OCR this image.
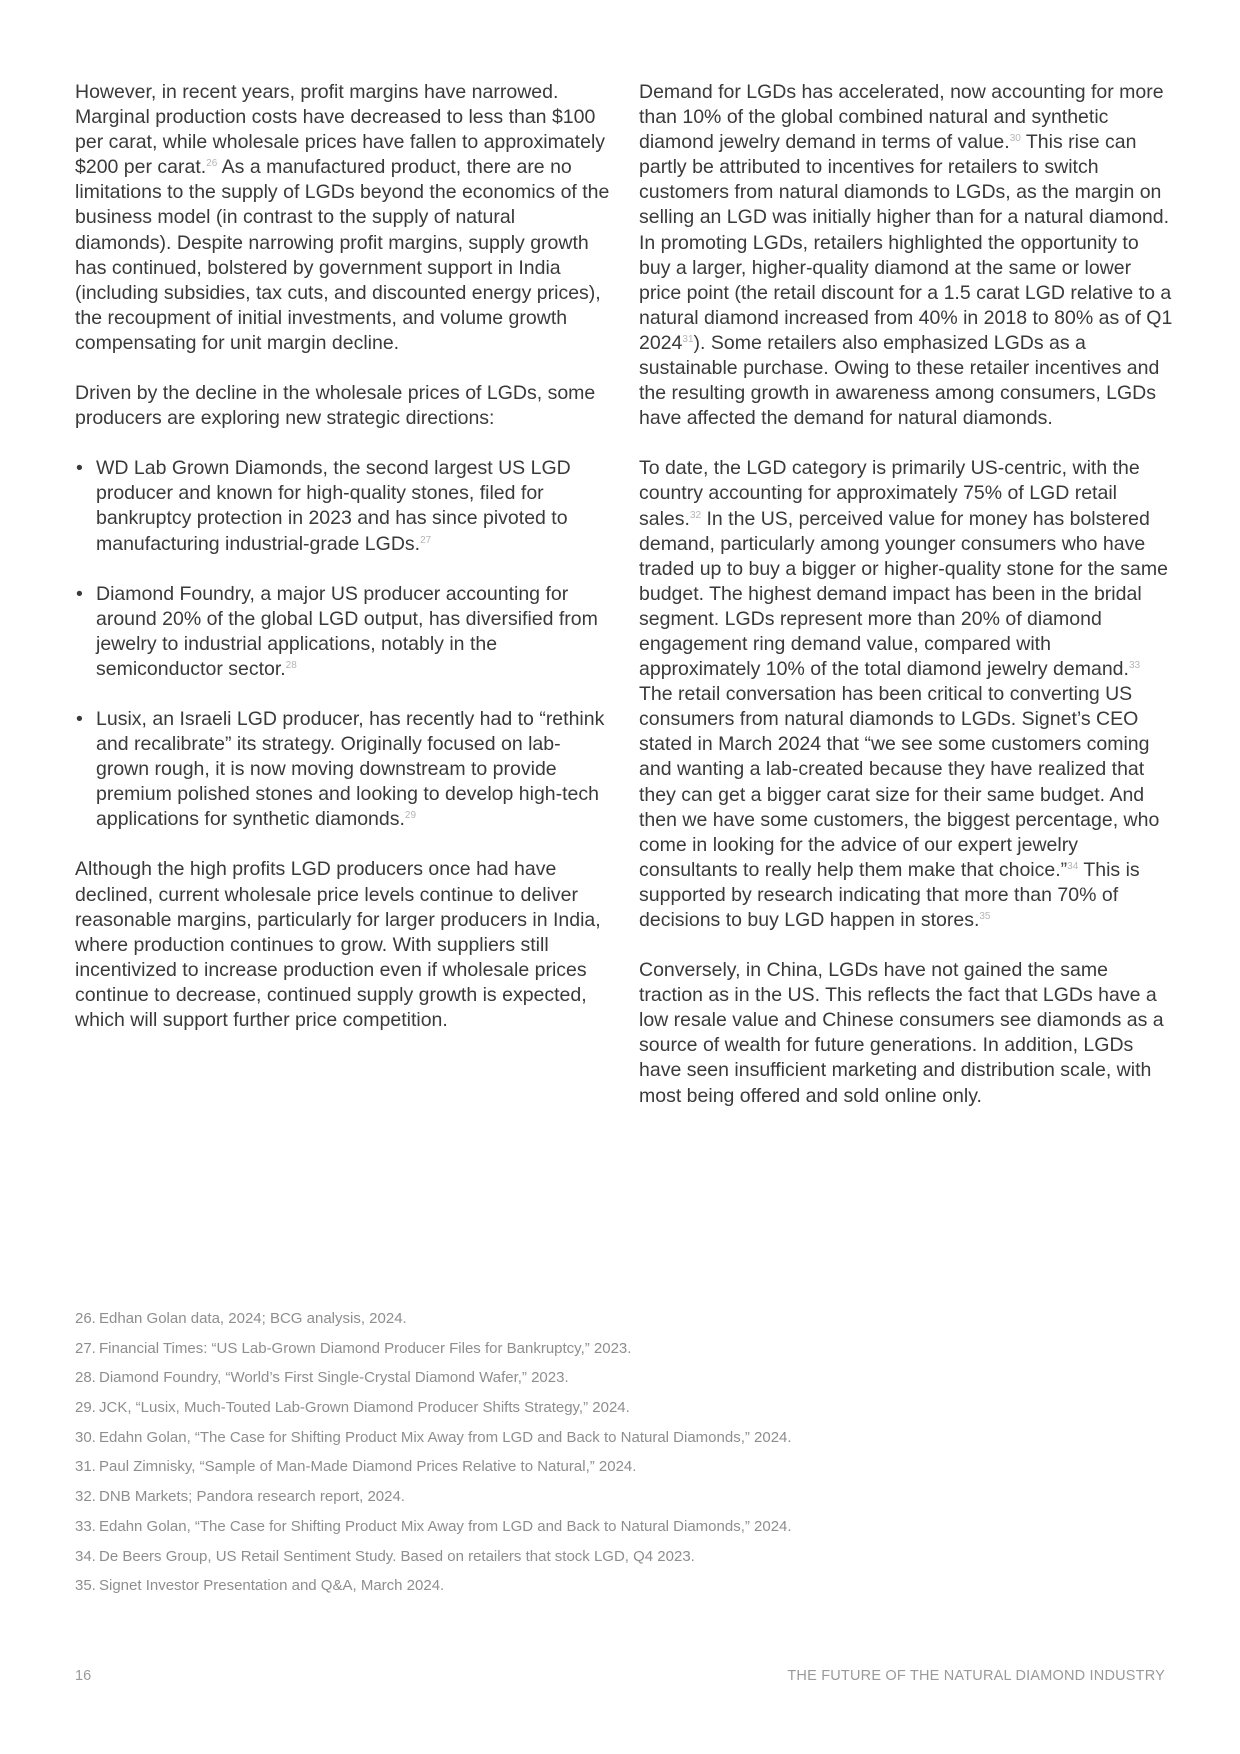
However, in recent years, profit margins have narrowed. Marginal production costs have decreased to less than $100 per carat, while wholesale prices have fallen to approximately $200 per carat.$^{26}$ As a manufactured product, there are no limitations to the supply of LGDs beyond the economics of the business model (in contrast to the supply of natural diamonds). Despite narrowing profit margins, supply growth has continued, bolstered by government support in India (including subsidies, tax cuts, and discounted energy prices), the recoupment of initial investments, and volume growth compensating for unit margin decline.

Driven by the decline in the wholesale prices of LGDs, some producers are exploring new strategic directions:

• WD Lab Grown Diamonds, the second largest US LGD producer and known for high-quality stones, filed for bankruptcy protection in 2023 and has since pivoted to manufacturing industrial-grade LGDs.$^{27}$
• Diamond Foundry, a major US producer accounting for around 20% of the global LGD output, has diversified from jewelry to industrial applications, notably in the semiconductor sector.$^{28}$
• Lusix, an Israeli LGD producer, has recently had to “rethink and recalibrate” its strategy. Originally focused on lab-grown rough, it is now moving downstream to provide premium polished stones and looking to develop high-tech applications for synthetic diamonds.$^{29}$

Although the high profits LGD producers once had have declined, current wholesale price levels continue to deliver reasonable margins, particularly for larger producers in India, where production continues to grow. With suppliers still incentivized to increase production even if wholesale prices continue to decrease, continued supply growth is expected, which will support further price competition.

Demand for LGDs has accelerated, now accounting for more than 10% of the global combined natural and synthetic diamond jewelry demand in terms of value.$^{30}$ This rise can partly be attributed to incentives for retailers to switch customers from natural diamonds to LGDs, as the margin on selling an LGD was initially higher than for a natural diamond. In promoting LGDs, retailers highlighted the opportunity to buy a larger, higher-quality diamond at the same or lower price point (the retail discount for a 1.5 carat LGD relative to a natural diamond increased from 40% in 2018 to 80% as of Q1 2024$^{31}$). Some retailers also emphasized LGDs as a sustainable purchase. Owing to these retailer incentives and the resulting growth in awareness among consumers, LGDs have affected the demand for natural diamonds.

To date, the LGD category is primarily US-centric, with the country accounting for approximately 75% of LGD retail sales.$^{32}$ In the US, perceived value for money has bolstered demand, particularly among younger consumers who have traded up to buy a bigger or higher-quality stone for the same budget. The highest demand impact has been in the bridal segment. LGDs represent more than 20% of diamond engagement ring demand value, compared with approximately 10% of the total diamond jewelry demand.$^{33}$ The retail conversation has been critical to converting US consumers from natural diamonds to LGDs. Signet’s CEO stated in March 2024 that “we see some customers coming and wanting a lab-created because they have realized that they can get a bigger carat size for their same budget. And then we have some customers, the biggest percentage, who come in looking for the advice of our expert jewelry consultants to really help them make that choice.”$^{34}$ This is supported by research indicating that more than 70% of decisions to buy LGD happen in stores.$^{35}$

Conversely, in China, LGDs have not gained the same traction as in the US. This reflects the fact that LGDs have a low resale value and Chinese consumers see diamonds as a source of wealth for future generations. In addition, LGDs have seen insufficient marketing and distribution scale, with most being offered and sold online only.

26. Edhan Golan data, 2024; BCG analysis, 2024.
27. Financial Times: “US Lab-Grown Diamond Producer Files for Bankruptcy,” 2023.
28. Diamond Foundry, “World’s First Single-Crystal Diamond Wafer,” 2023.
29. JCK, “Lusix, Much-Touted Lab-Grown Diamond Producer Shifts Strategy,” 2024.
30. Edahn Golan, “The Case for Shifting Product Mix Away from LGD and Back to Natural Diamonds,” 2024.
31. Paul Zimnisky, “Sample of Man-Made Diamond Prices Relative to Natural,” 2024.
32. DNB Markets; Pandora research report, 2024.
33. Edahn Golan, “The Case for Shifting Product Mix Away from LGD and Back to Natural Diamonds,” 2024.
34. De Beers Group, US Retail Sentiment Study. Based on retailers that stock LGD, Q4 2023.
35. Signet Investor Presentation and Q&A, March 2024.
16	THE FUTURE OF THE NATURAL DIAMOND INDUSTRY
